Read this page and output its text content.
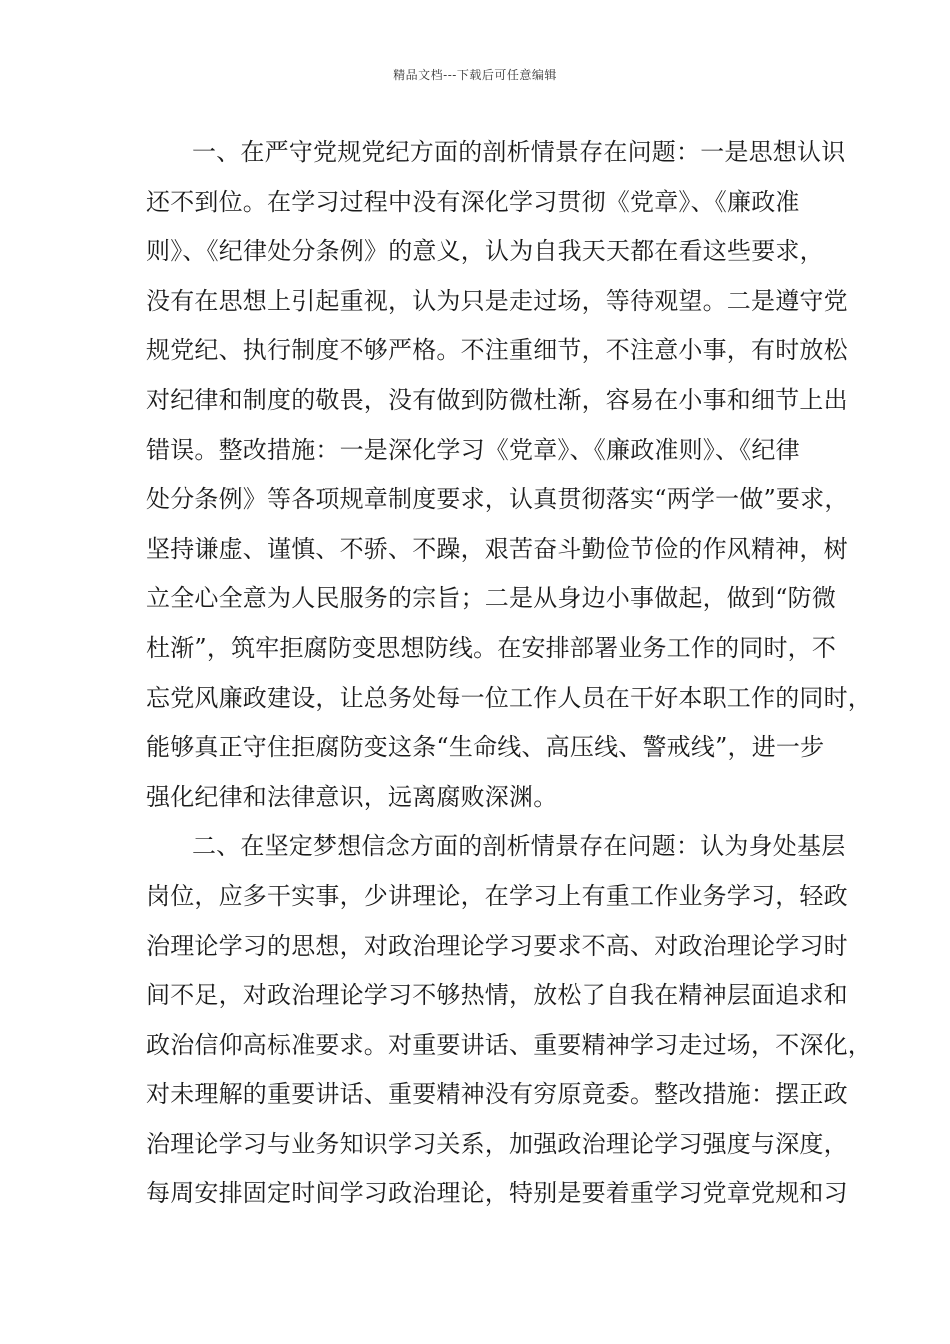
精品文档---下载后可任意编辑
一、在严守党规党纪方面的剖析情景存在问题：一是思想认识
还不到位。在学习过程中没有深化学习贯彻《党章》、《廉政准
则》、《纪律处分条例》的意义，认为自我天天都在看这些要求，
没有在思想上引起重视，认为只是走过场，等待观望。二是遵守党
规党纪、执行制度不够严格。不注重细节，不注意小事，有时放松
对纪律和制度的敬畏，没有做到防微杜渐，容易在小事和细节上出
错误。整改措施：一是深化学习《党章》、《廉政准则》、《纪律
处分条例》等各项规章制度要求，认真贯彻落实“两学一做”要求，
坚持谦虚、谨慎、不骄、不躁，艰苦奋斗勤俭节俭的作风精神，树
立全心全意为人民服务的宗旨；二是从身边小事做起，做到“防微
杜渐”，筑牢拒腐防变思想防线。在安排部署业务工作的同时，不
忘党风廉政建设，让总务处每一位工作人员在干好本职工作的同时，
能够真正守住拒腐防变这条“生命线、高压线、警戒线”，进一步
强化纪律和法律意识，远离腐败深渊。
二、在坚定梦想信念方面的剖析情景存在问题：认为身处基层
岗位，应多干实事，少讲理论，在学习上有重工作业务学习，轻政
治理论学习的思想，对政治理论学习要求不高、对政治理论学习时
间不足，对政治理论学习不够热情，放松了自我在精神层面追求和
政治信仰高标准要求。对重要讲话、重要精神学习走过场，不深化，
对未理解的重要讲话、重要精神没有穷原竟委。整改措施：摆正政
治理论学习与业务知识学习关系，加强政治理论学习强度与深度，
每周安排固定时间学习政治理论，特别是要着重学习党章党规和习
